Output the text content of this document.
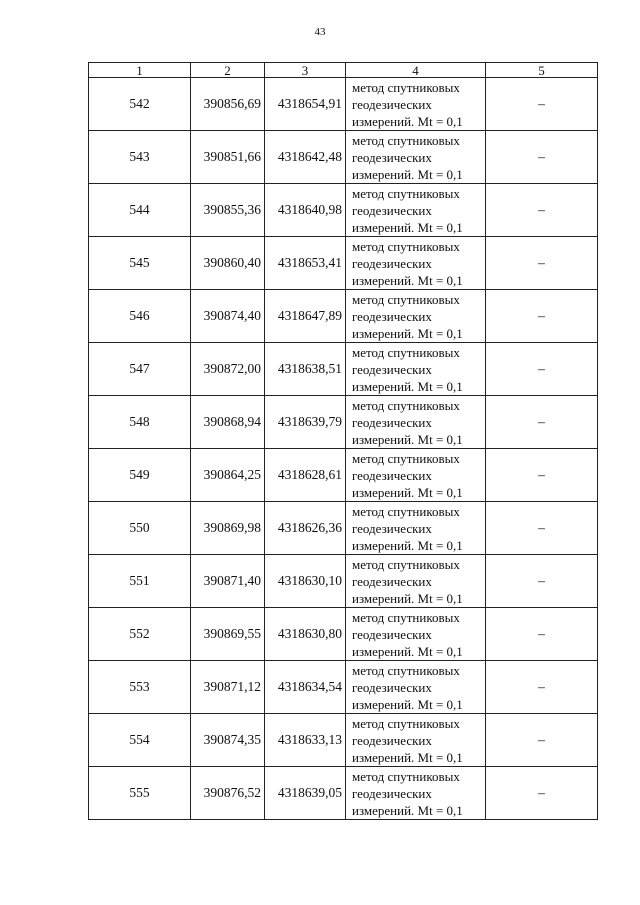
43
1	2	3	4	5
542	390856,69	4318654,91	метод спутниковых
геодезических
измерений. Mt = 0,1	–
543	390851,66	4318642,48	метод спутниковых
геодезических
измерений. Mt = 0,1	–
544	390855,36	4318640,98	метод спутниковых
геодезических
измерений. Mt = 0,1	–
545	390860,40	4318653,41	метод спутниковых
геодезических
измерений. Mt = 0,1	–
546	390874,40	4318647,89	метод спутниковых
геодезических
измерений. Mt = 0,1	–
547	390872,00	4318638,51	метод спутниковых
геодезических
измерений. Mt = 0,1	–
548	390868,94	4318639,79	метод спутниковых
геодезических
измерений. Mt = 0,1	–
549	390864,25	4318628,61	метод спутниковых
геодезических
измерений. Mt = 0,1	–
550	390869,98	4318626,36	метод спутниковых
геодезических
измерений. Mt = 0,1	–
551	390871,40	4318630,10	метод спутниковых
геодезических
измерений. Mt = 0,1	–
552	390869,55	4318630,80	метод спутниковых
геодезических
измерений. Mt = 0,1	–
553	390871,12	4318634,54	метод спутниковых
геодезических
измерений. Mt = 0,1	–
554	390874,35	4318633,13	метод спутниковых
геодезических
измерений. Mt = 0,1	–
555	390876,52	4318639,05	метод спутниковых
геодезических
измерений. Mt = 0,1	–
